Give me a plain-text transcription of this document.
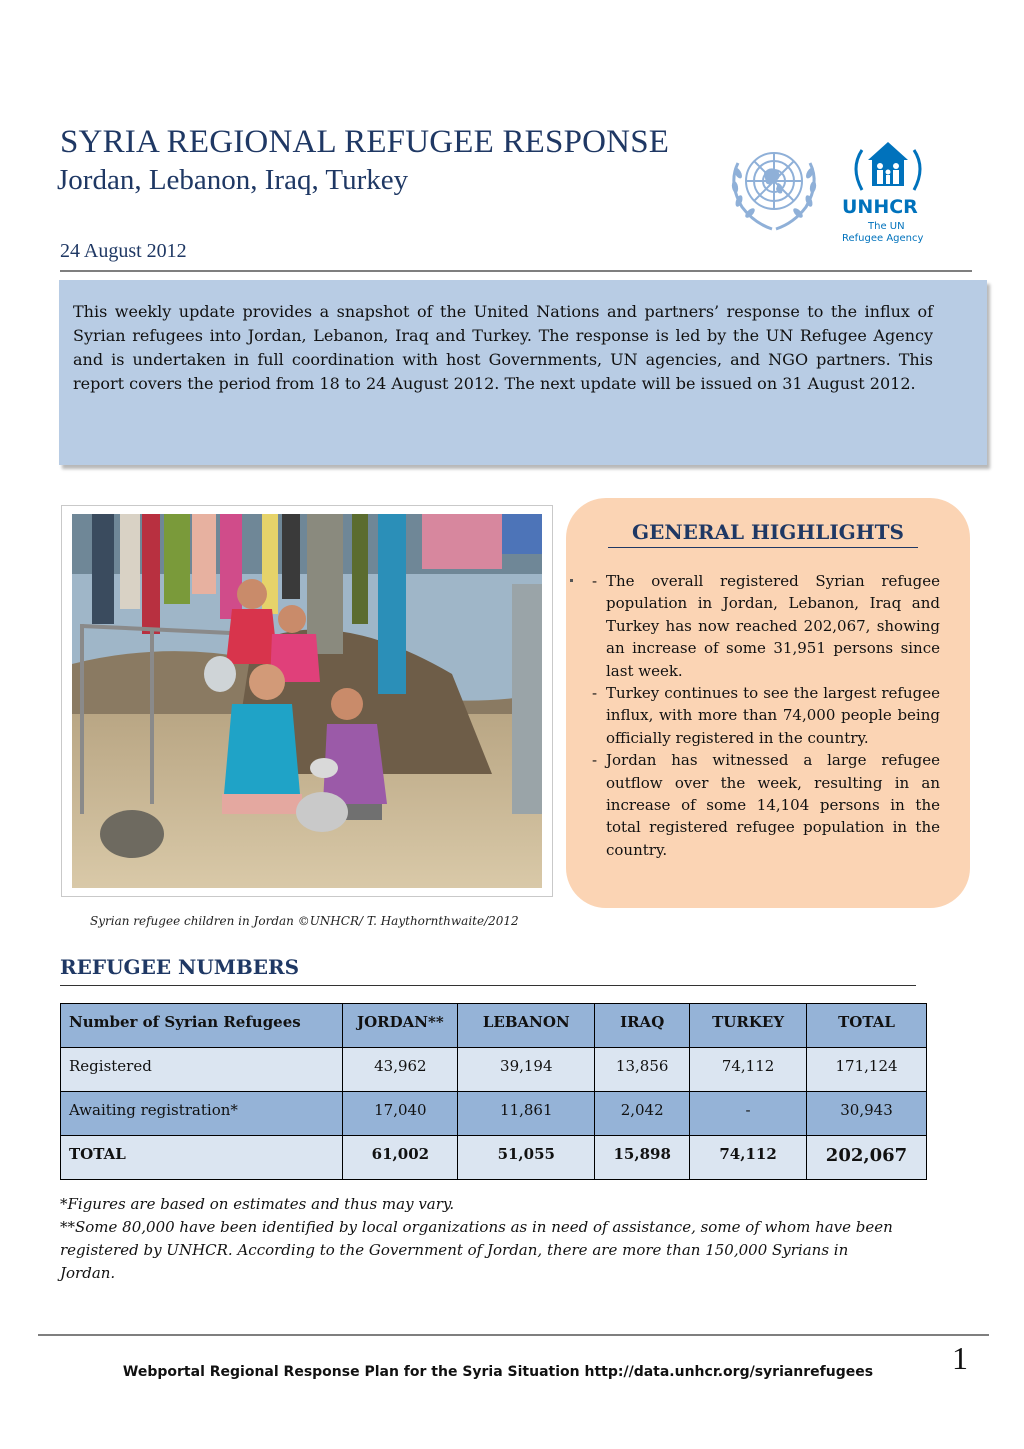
SYRIA REGIONAL REFUGEE RESPONSE
Jordan, Lebanon, Iraq, Turkey
24 August 2012
UNHCR
The UN
Refugee Agency
This weekly update provides a snapshot of the United Nations and partners’ response to the influx of Syrian refugees into Jordan, Lebanon, Iraq and Turkey. The response is led by the UN Refugee Agency and is undertaken in full coordination with host Governments, UN agencies, and NGO partners. This report covers the period from 18 to 24 August 2012. The next update will be issued on 31 August 2012.
Syrian refugee children in Jordan ©UNHCR/ T. Haythornthwaite/2012
GENERAL HIGHLIGHTS
- The overall registered Syrian refugee population in Jordan, Lebanon, Iraq and Turkey has now reached 202,067, showing an increase of some 31,951 persons since last week.
- Turkey continues to see the largest refugee influx, with more than 74,000 people being officially registered in the country.
- Jordan has witnessed a large refugee outflow over the week, resulting in an increase of some 14,104 persons in the total registered refugee population in the country.
REFUGEE NUMBERS
Number of Syrian Refugees	JORDAN**	LEBANON	IRAQ	TURKEY	TOTAL
Registered	43,962	39,194	13,856	74,112	171,124
Awaiting registration*	17,040	11,861	2,042	-	30,943
TOTAL	61,002	51,055	15,898	74,112	202,067

*Figures are based on estimates and thus may vary.

**Some 80,000 have been identified by local organizations as in need of assistance, some of whom have been registered by UNHCR. According to the Government of Jordan, there are more than 150,000 Syrians in Jordan.

Webportal Regional Response Plan for the Syria Situation http://data.unhcr.org/syrianrefugees	1
